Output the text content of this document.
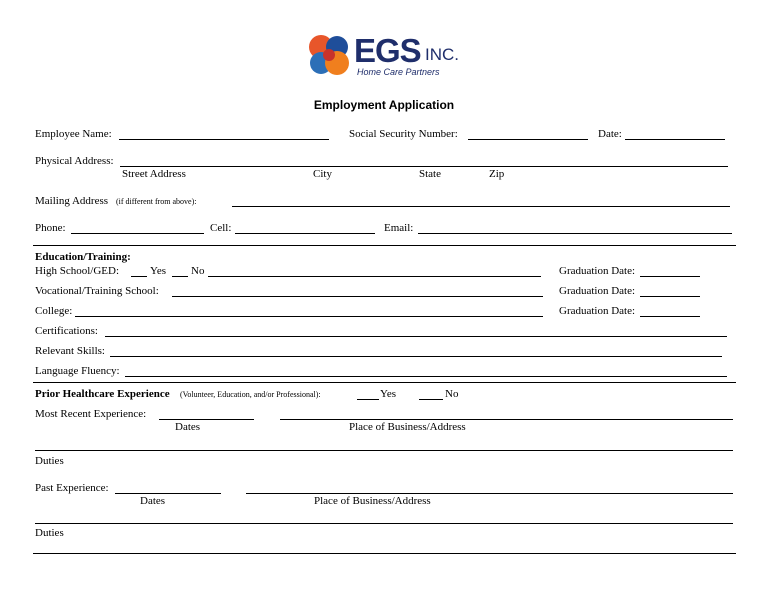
EGS INC.
Home Care Partners
Employment Application
Employee Name:	Social Security Number:	Date:
Physical Address:
Street Address	City	State	Zip
Mailing Address (if different from above):
Phone:	Cell:	Email:
Education/Training:
High School/GED:	Yes No	Graduation Date:
Vocational/Training School:	Graduation Date:
College:	Graduation Date:
Certifications:
Relevant Skills:
Language Fluency:
Prior Healthcare Experience (Volunteer, Education, and/or Professional):	Yes	No
Most Recent Experience:
Dates	Place of Business/Address
Duties
Past Experience:
Dates	Place of Business/Address
Duties
